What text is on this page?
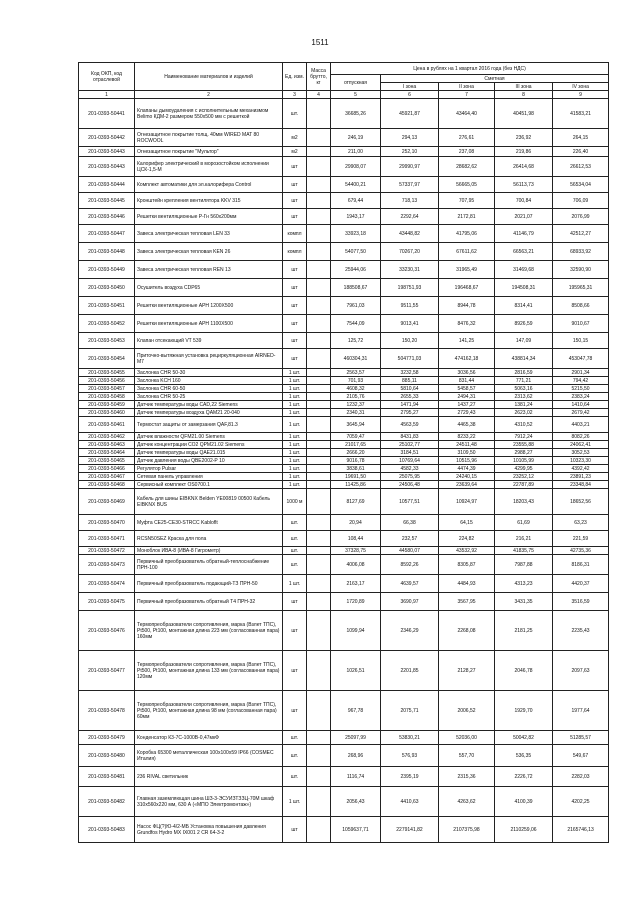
1511
Код ОКП, код отраслевой	Наименование материалов и изделий	Ед. изм.	Масса брутто, кг	Цена в рублях на 1 квартал 2016 года (без НДС)				
				отпускная	Сметная			
					I зона	II зона	III зона	IV зона
1	2	3	4	5	6	7	8	9
201-0393-50441	Клапаны дымоудаления с исполнительным механизмом Belimo КДМ-2 размером 550х500 мм с решеткой	шт.		36685,26	45921,87	43464,40	40451,98	41583,21
201-0393-50442	Огнезащитное покрытие толщ. 40мм WIRED MAT 80 ROCWOOL	м2		246,19	294,13	276,61	236,92	264,15
201-0393-50443	Огнезащитное покрытие "Мультор"	м2		211,00	252,10	237,08	219,86	226,40
201-0393-50443	Калорифер электрический в морозостойком исполнении ЦСК-1,5-М	шт		29908,07	29990,97	28682,62	26414,68	26612,53
201-0393-50444	Комплект автоматики для эл.калорифера Control	шт		54400,21	57337,97	56665,05	56113,73	56534,04
201-0393-50445	Кронштейн крепления вентилятора KKV 315	шт		679,44	718,13	707,95	700,84	706,09
201-0393-50446	Решетки вентиляционные Р-Гн 560х200мм	шт		1943,17	2292,64	2172,81	2021,07	2076,99
201-0393-50447	Завеса электрическая тепловая LEN 33	компл		33923,18	43448,82	41795,06	41146,79	42512,27
201-0393-50448	Завеса электрическая тепловая KEN 26	компл		54077,50	70267,20	67611,62	66563,21	68933,92
201-0393-50449	Завеса электрическая тепловая REN 13	шт		25944,06	33230,31	31965,49	31469,68	32590,90
201-0393-50450	Осушитель воздуха CDP65	шт		188508,67	198751,93	196468,67	194508,31	195965,31
201-0393-50451	Решетки вентиляционные АРН 1200Х500	шт		7961,03	9511,55	8944,78	8314,41	8508,66
201-0393-50452	Решетки вентиляционные АРН 1100Х500	шт		7544,09	9013,41	8476,32	8926,59	9010,67
201-0393-50453	Клапан отсекающий VT 539	шт		125,72	150,20	141,25	147,09	150,15
201-0393-50454	Приточно-вытяжная установка рециркуляционная AIRNED-M7	шт		460304,31	504771,03	474162,18	438814,34	453047,78
201-0393-50455	Заслонка CHR 50-30	1 шт.		2563,57	3232,58	3036,56	2816,59	2901,34
201-0393-50456	Заслонка KCH 160	1 шт.		701,93	885,11	831,44	771,21	794,42
201-0393-50457	Заслонка CHR 60-50	1 шт.		4608,32	5810,64	5458,57	5063,16	5215,50
201-0393-50458	Заслонка CHR 50-25	1 шт.		2105,76	2655,33	2494,31	2313,62	2383,24
201-0393-50459	Датчик температуры воды CAD,22 Siemens	1 шт.		1232,37	1471,94	1437,27	1381,24	1410,64
201-0393-50460	Датчик температуры воздуха QAM21 20-040	1 шт.		2340,31	2795,27	2729,43	2623,02	2679,42
201-0393-50461	Термостат защиты от замерзания QAF,81.3	1 шт.		3645,94	4563,59	4465,38	4310,52	4403,21
201-0393-50462	Датчик влажности QFM21.00 Siemens	1 шт.		7059,47	8431,83	8233,22	7912,24	8082,26
201-0393-50463	Датчик концентрации СО2 QPM21.02 Siemens	1 шт.		21017,65	25102,77	24511,48	23555,88	24062,41
201-0393-50464	Датчик температуры воды QAE21.015	1 шт.		2666,20	3184,51	3109,50	2988,27	3052,53
201-0393-50465	Датчик давления воды QBE2002-P 10	1 шт.		9016,78	10769,64	10515,96	10105,99	10323,30
201-0393-50466	Регулятор Pulsar	1 шт.		3838,61	4582,33	4474,39	4299,95	4392,42
201-0393-50467	Сетевая панель управления	1 шт.		19691,50	25075,95	24240,15	23252,12	23891,23
201-0393-50468	Сервисный комплект OS0700.1	1 шт.		11425,86	24506,48	23639,64	22787,89	23348,84
201-0393-50469	Кабель для шины EIBKNX Belden YE00819 00500 Кабель EIBKNX BUS	1000 м		8127,69	10577,51	10924,97	18203,43	18652,56
201-0393-50470	Муфта СЕ25-СЕ30-STRCC Kabloflt	шт.		20,94	66,38	64,15	61,69	63,23
201-0393-50471	RCSN50SEZ Краска для пола	шт.		108,44	232,57	224,82	216,21	221,59
201-0393-50472	Моноблок ИВА-8 (ИВА-8 Гигрометр)	шт.		37328,75	44580,07	43532,92	41835,75	42735,36
201-0393-50473	Первичный преобразователь обратный-теплоснабжение ПРН-100	шт.		4006,08	8592,26	8305,87	7987,88	8186,31
201-0393-50474	Первичный преобразователь подающий-ТЗ ПРН-50	1 шт.		2163,17	4639,57	4484,93	4313,23	4420,37
201-0393-50475	Первичный преобразователь обратный Т4 ПРН-32	шт		1720,89	3690,97	3567,95	3431,35	3516,59
201-0393-50476	Термопреобразователи сопротивления, марка (Взлет ТПС), Pt500, Pt100, монтажная длина 223 мм (согласованная пара) 160мм	шт		1099,94	2346,29	2268,08	2181,25	2235,43
201-0393-50477	Термопреобразователи сопротивления, марка (Взлет ТПС), Pt500, Pt100, монтажная длина 133 мм (согласованная пара) 120мм	шт		1026,51	2201,85	2128,27	2046,78	2097,63
201-0393-50478	Термопреобразователи сопротивления, марка (Взлет ТПС), Pt500, Pt100, монтажная длина 98 мм (согласованная пара) 60мм	шт		967,78	2075,71	2006,52	1929,70	1977,64
201-0393-50479	Конденсатор К3-7С-1000В-0,47мкФ	шт.		25097,99	53830,21	52036,00	50042,82	51285,57
201-0393-50480	Коробка 65300 металлическая 100х100х59 IP66 (COSMEC Италия)	шт.		268,96	576,93	557,70	536,35	549,67
201-0393-50481	236 RIVAL светильник	шт.		1116,74	2395,19	2315,36	2226,72	2282,03
201-0393-50482	Главная заземляющая шина ШЗ-3-ЭСУИЗТЗЗЦ-70М шкаф 310х560х220 мм, 630 А («МПО Электромонтаж»)	1 шт.		2056,43	4410,63	4263,62	4100,39	4202,25
201-0393-50483	Насос ФЦ(?)Ю-4/2-МБ Установка повышения давления Grundfos Hydro MX IX001 2 CR 64-3-2	шт		1059637,71	2279141,82	2107375,98	2110259,06	2165746,13
